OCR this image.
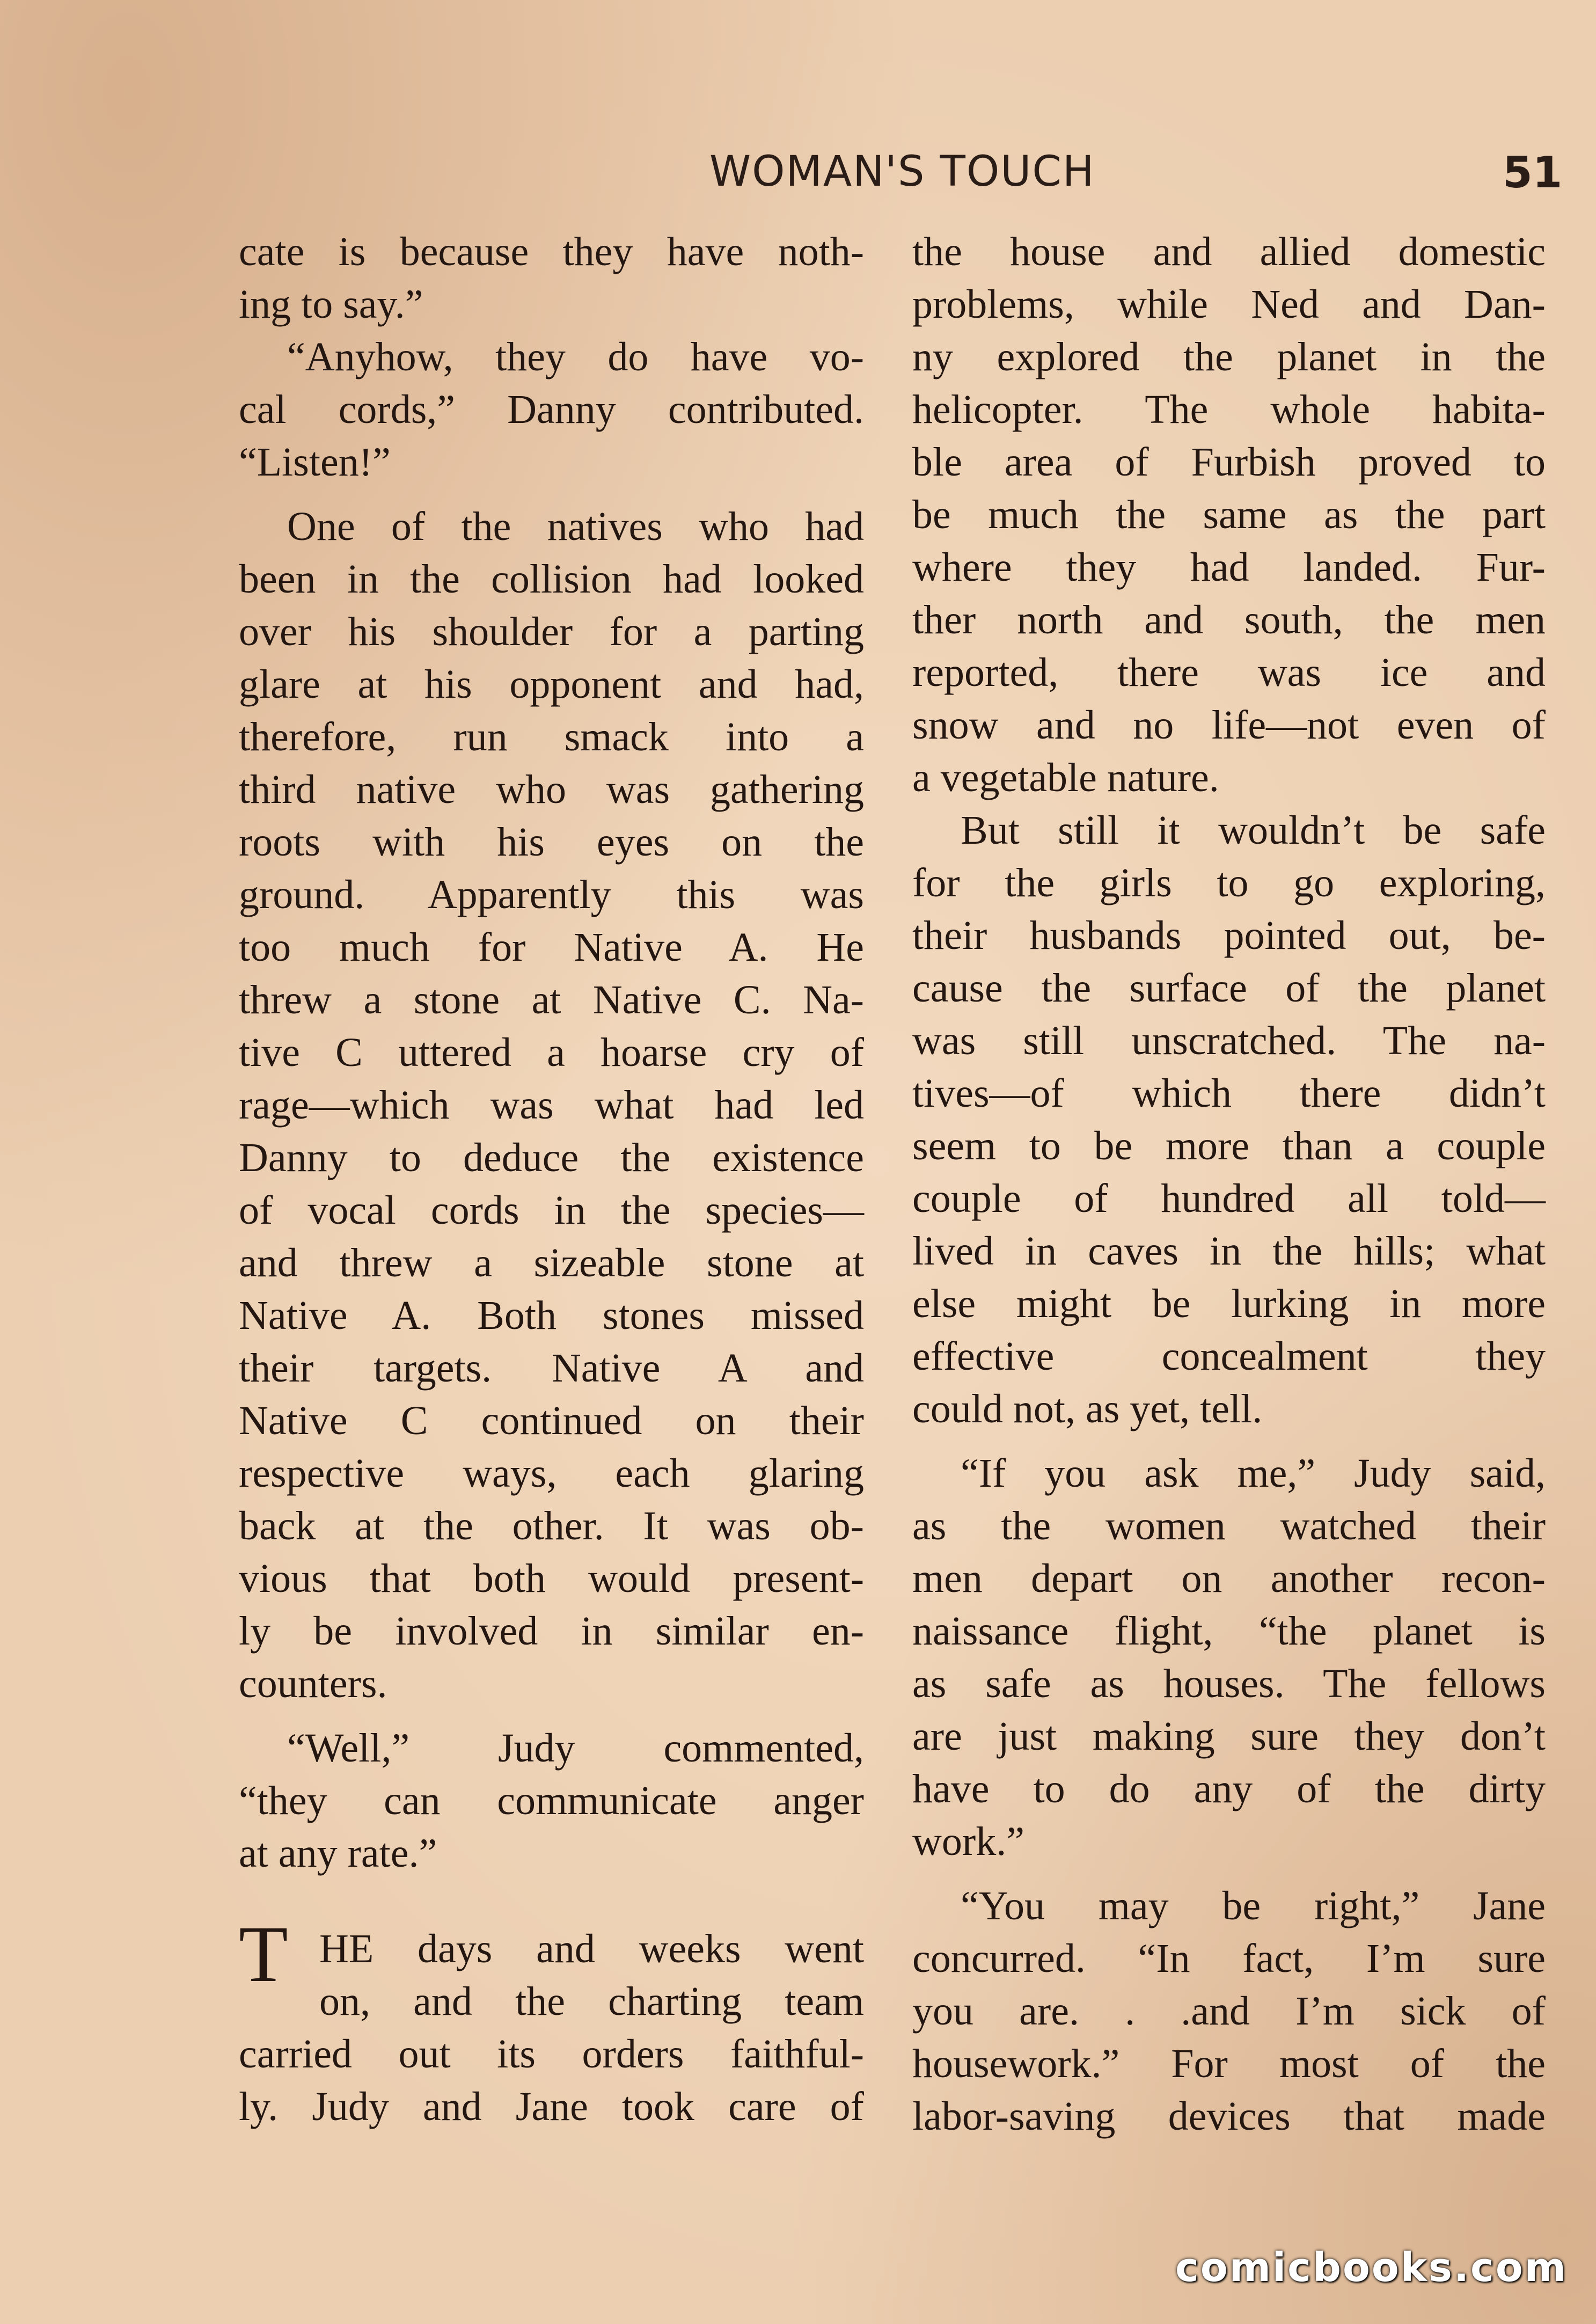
WOMAN'S TOUCH	51
cate is because they have noth-
ing to say.”
“Anyhow, they do have vo-
cal cords,” Danny contributed.
“Listen!”
One of the natives who had
been in the collision had looked
over his shoulder for a parting
glare at his opponent and had,
therefore, run smack into a
third native who was gathering
roots with his eyes on the
ground. Apparently this was
too much for Native A. He
threw a stone at Native C. Na-
tive C uttered a hoarse cry of
rage—which was what had led
Danny to deduce the existence
of vocal cords in the species—
and threw a sizeable stone at
Native A. Both stones missed
their targets. Native A and
Native C continued on their
respective ways, each glaring
back at the other. It was ob-
vious that both would present-
ly be involved in similar en-
counters.
“Well,” Judy commented,
“they can communicate anger
at any rate.”
T HE days and weeks went
on, and the charting team
carried out its orders faithful-
ly. Judy and Jane took care of
the house and allied domestic
problems, while Ned and Dan-
ny explored the planet in the
helicopter. The whole habita-
ble area of Furbish proved to
be much the same as the part
where they had landed. Fur-
ther north and south, the men
reported, there was ice and
snow and no life—not even of
a vegetable nature.
But still it wouldn’t be safe
for the girls to go exploring,
their husbands pointed out, be-
cause the surface of the planet
was still unscratched. The na-
tives—of which there didn’t
seem to be more than a couple
couple of hundred all told—
lived in caves in the hills; what
else might be lurking in more
effective concealment they
could not, as yet, tell.
“If you ask me,” Judy said,
as the women watched their
men depart on another recon-
naissance flight, “the planet is
as safe as houses. The fellows
are just making sure they don’t
have to do any of the dirty
work.”
“You may be right,” Jane
concurred. “In fact, I’m sure
you are. . .and I’m sick of
housework.” For most of the
labor-saving devices that made
comicbooks.com
